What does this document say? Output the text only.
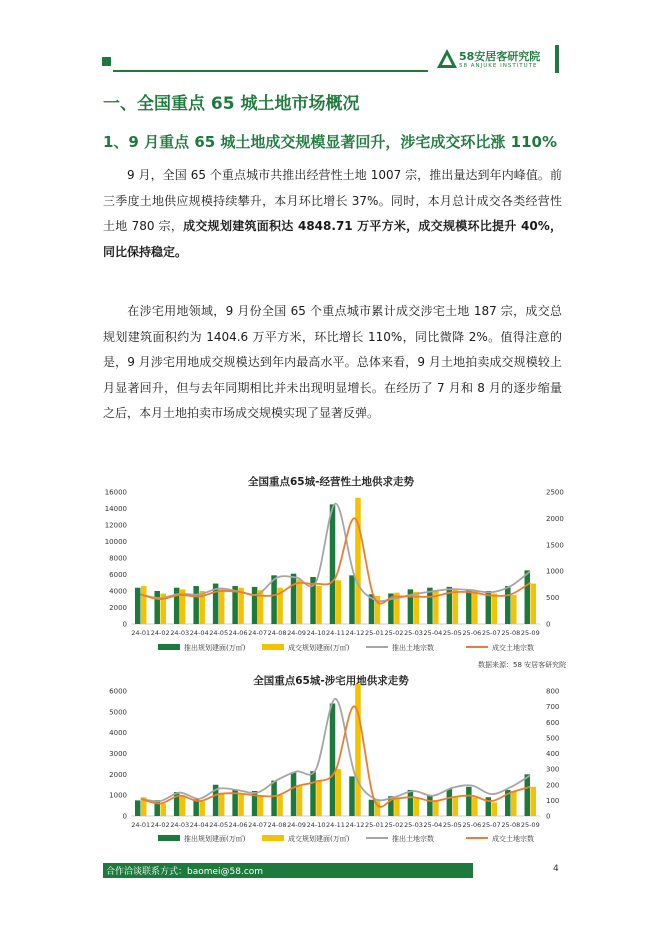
58安居客研究院
58 ANJUKE INSTITUTE
一、全国重点 65 城土地市场概况
1、9 月重点 65 城土地成交规模显著回升，涉宅成交环比涨 110%

9 月，全国 65 个重点城市共推出经营性土地 1007 宗，推出量达到年内峰值。前三季度土地供应规模持续攀升，本月环比增长 37%。同时，本月总计成交各类经营性土地 780 宗，成交规划建筑面积达 4848.71 万平方米，成交规模环比提升 40%，同比保持稳定。

在涉宅用地领域，9 月份全国 65 个重点城市累计成交涉宅土地 187 宗，成交总规划建筑面积约为 1404.6 万平方米，环比增长 110%，同比微降 2%。值得注意的是，9 月涉宅用地成交规模达到年内最高水平。总体来看，9 月土地拍卖成交规模较上月显著回升，但与去年同期相比并未出现明显增长。在经历了 7 月和 8 月的逐步缩量之后，本月土地拍卖市场成交规模实现了显著反弹。

全国重点65城-经营性土地供求走势
0
2000
4000
6000
8000
10000
12000
14000
16000
0
500
1000
1500
2000
2500
24-01 24-02 24-03 24-04 24-05 24-06 24-07 24-08 24-09 24-10 24-11 24-12 25-01 25-02 25-03 25-04 25-05 25-06 25-07 25-08 25-09
推出规划建面(万㎡)	成交规划建面(万㎡)	推出土地宗数	成交土地宗数
数据来源：58 安居客研究院
全国重点65城-涉宅用地供求走势
0
1000
2000
3000
4000
5000
6000
0
100
200
300
400
500
600
700
800
24-01 24-02 24-03 24-04 24-05 24-06 24-07 24-08 24-09 24-10 24-11 24-12 25-01 25-02 25-03 25-04 25-05 25-06 25-07 25-08 25-09
推出规划建面(万㎡)	成交规划建面(万㎡)	推出土地宗数	成交土地宗数
合作洽谈联系方式：baomei@58.com	4
